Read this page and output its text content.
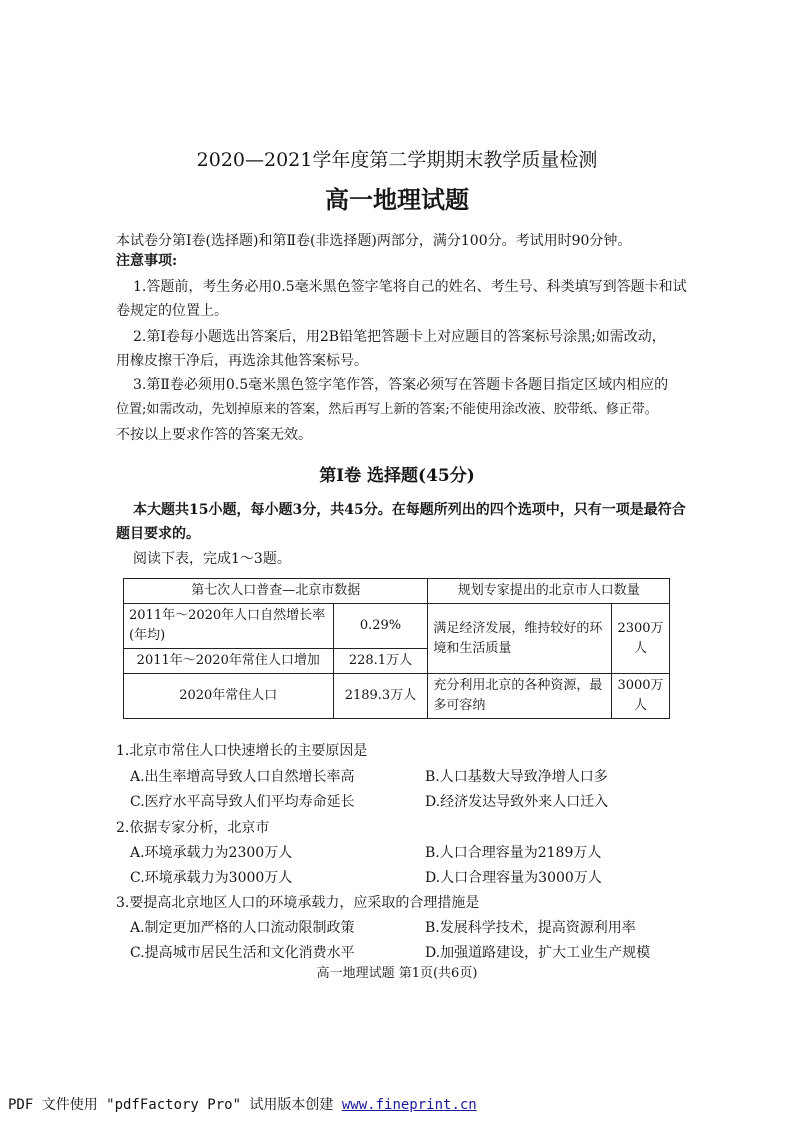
2020—2021学年度第二学期期末教学质量检测
高一地理试题
本试卷分第Ⅰ卷(选择题)和第Ⅱ卷(非选择题)两部分，满分100分。考试用时90分钟。
注意事项:
1.答题前，考生务必用0.5毫米黑色签字笔将自己的姓名、考生号、科类填写到答题卡和试
卷规定的位置上。
2.第Ⅰ卷每小题选出答案后，用2B铅笔把答题卡上对应题目的答案标号涂黑;如需改动，
用橡皮擦干净后，再选涂其他答案标号。
3.第Ⅱ卷必须用0.5毫米黑色签字笔作答，答案必须写在答题卡各题目指定区域内相应的
位置;如需改动，先划掉原来的答案，然后再写上新的答案;不能使用涂改液、胶带纸、修正带。
不按以上要求作答的答案无效。
第Ⅰ卷 选择题(45分)
本大题共15小题，每小题3分，共45分。在每题所列出的四个选项中，只有一项是最符合
题目要求的。
阅读下表，完成1～3题。
第七次人口普查—北京市数据		规划专家提出的北京市人口数量	
2011年～2020年人口自然增长率(年均)	0.29%	满足经济发展，维持较好的环境和生活质量	2300万人
2011年～2020年常住人口增加	228.1万人		
2020年常住人口	2189.3万人	充分利用北京的各种资源，最多可容纳	3000万人
1.北京市常住人口快速增长的主要原因是
A.出生率增高导致人口自然增长率高	B.人口基数大导致净增人口多
C.医疗水平高导致人们平均寿命延长	D.经济发达导致外来人口迁入
2.依据专家分析，北京市
A.环境承载力为2300万人	B.人口合理容量为2189万人
C.环境承载力为3000万人	D.人口合理容量为3000万人
3.要提高北京地区人口的环境承载力，应采取的合理措施是
A.制定更加严格的人口流动限制政策	B.发展科学技术，提高资源利用率
C.提高城市居民生活和文化消费水平	D.加强道路建设，扩大工业生产规模
高一地理试题 第1页(共6页)
PDF 文件使用 "pdfFactory Pro" 试用版本创建 www.fineprint.cn
